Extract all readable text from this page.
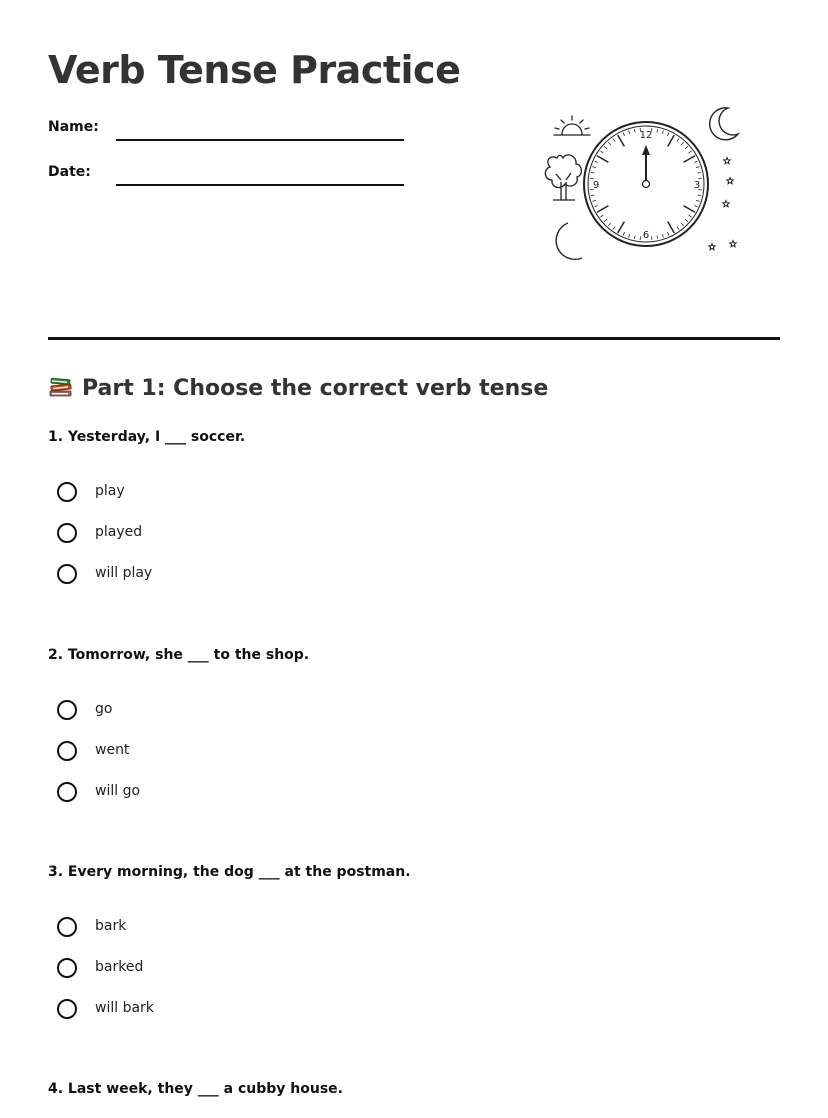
Verb Tense Practice
Name:
Date:
12
3
6
9
Part 1: Choose the correct verb tense

1. Yesterday, I ___ soccer.

play
played
will play

2. Tomorrow, she ___ to the shop.

go
went
will go

3. Every morning, the dog ___ at the postman.

bark
barked
will bark

4. Last week, they ___ a cubby house.
